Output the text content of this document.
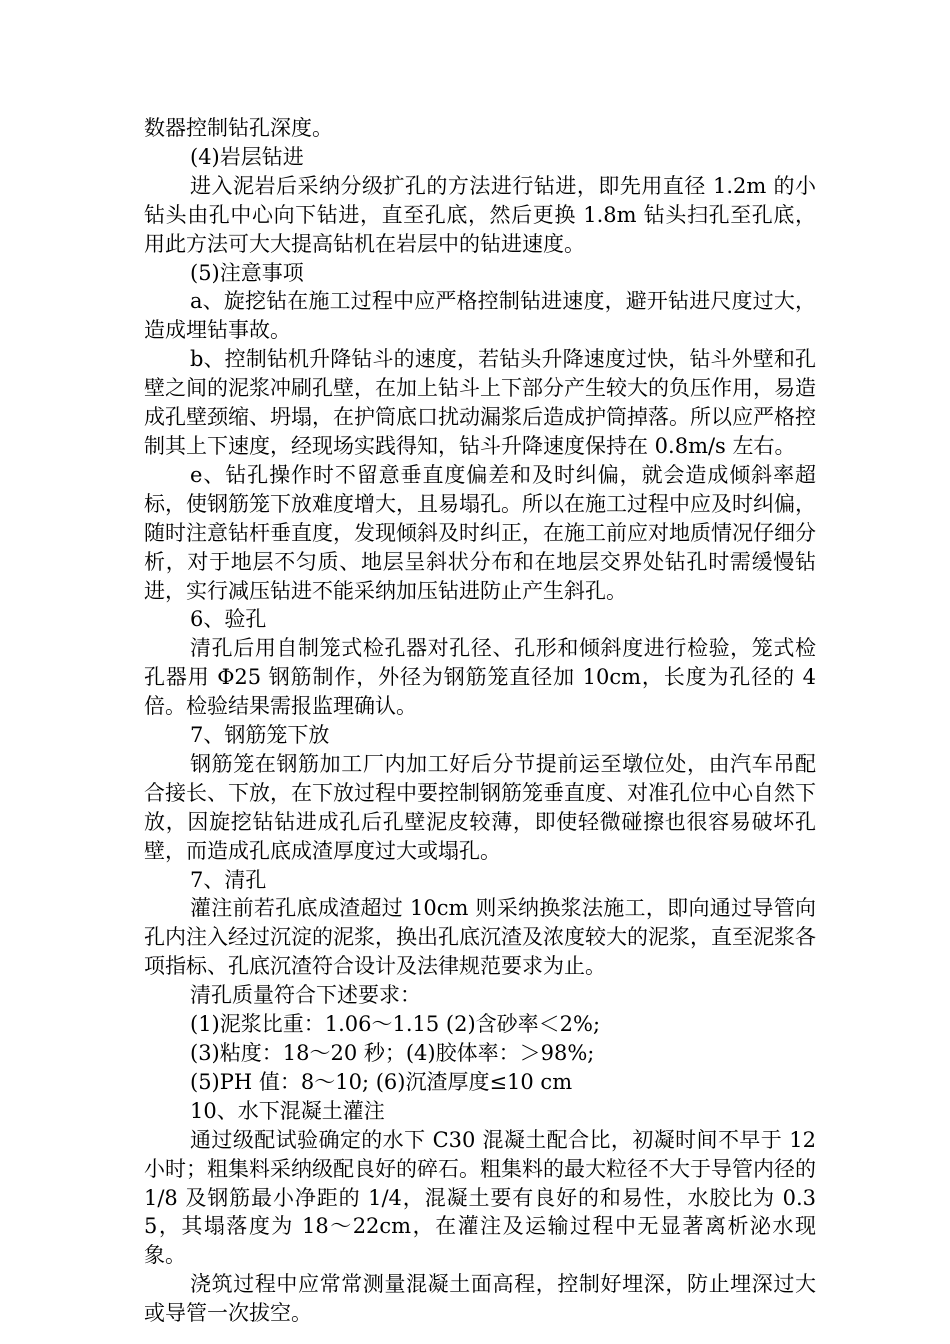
数器控制钻孔深度。

(4)岩层钻进

进入泥岩后采纳分级扩孔的方法进行钻进，即先用直径 1.2m 的小钻头由孔中心向下钻进，直至孔底，然后更换 1.8m 钻头扫孔至孔底，用此方法可大大提高钻机在岩层中的钻进速度。

(5)注意事项

a、旋挖钻在施工过程中应严格控制钻进速度，避开钻进尺度过大，造成埋钻事故。

b、控制钻机升降钻斗的速度，若钻头升降速度过快，钻斗外壁和孔壁之间的泥浆冲刷孔壁，在加上钻斗上下部分产生较大的负压作用，易造成孔壁颈缩、坍塌，在护筒底口扰动漏浆后造成护筒掉落。所以应严格控制其上下速度，经现场实践得知，钻斗升降速度保持在 0.8m/s 左右。

e、钻孔操作时不留意垂直度偏差和及时纠偏，就会造成倾斜率超标，使钢筋笼下放难度增大，且易塌孔。所以在施工过程中应及时纠偏，随时注意钻杆垂直度，发现倾斜及时纠正，在施工前应对地质情况仔细分析，对于地层不匀质、地层呈斜状分布和在地层交界处钻孔时需缓慢钻进，实行减压钻进不能采纳加压钻进防止产生斜孔。

6、验孔

清孔后用自制笼式检孔器对孔径、孔形和倾斜度进行检验，笼式检孔器用 Φ25 钢筋制作，外径为钢筋笼直径加 10cm，长度为孔径的 4 倍。检验结果需报监理确认。

7、钢筋笼下放

钢筋笼在钢筋加工厂内加工好后分节提前运至墩位处，由汽车吊配合接长、下放，在下放过程中要控制钢筋笼垂直度、对准孔位中心自然下放，因旋挖钻钻进成孔后孔壁泥皮较薄，即使轻微碰擦也很容易破坏孔壁，而造成孔底成渣厚度过大或塌孔。

7、清孔

灌注前若孔底成渣超过 10cm 则采纳换浆法施工，即向通过导管向孔内注入经过沉淀的泥浆，换出孔底沉渣及浓度较大的泥浆，直至泥浆各项指标、孔底沉渣符合设计及法律规范要求为止。

清孔质量符合下述要求：

(1)泥浆比重：1.06～1.15 (2)含砂率＜2%;

(3)粘度：18～20 秒；(4)胶体率：＞98%;

(5)PH 值：8～10; (6)沉渣厚度≤10 cm

10、水下混凝土灌注

通过级配试验确定的水下 C30 混凝土配合比，初凝时间不早于 12 小时；粗集料采纳级配良好的碎石。粗集料的最大粒径不大于导管内径的 1/8 及钢筋最小净距的 1/4，混凝土要有良好的和易性，水胶比为 0.35，其塌落度为 18～22cm，在灌注及运输过程中无显著离析泌水现象。

浇筑过程中应常常测量混凝土面高程，控制好埋深，防止埋深过大或导管一次拔空。
